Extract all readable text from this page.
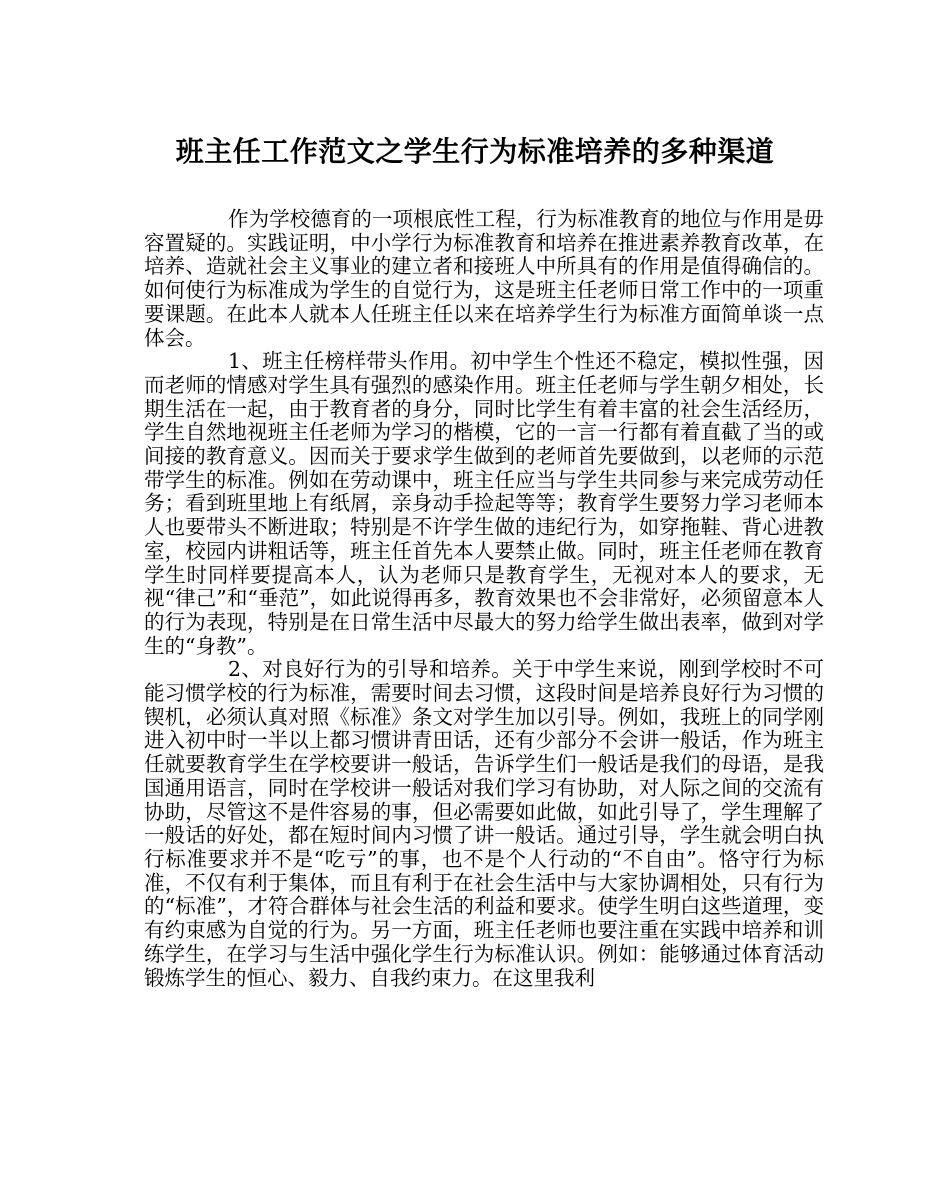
班主任工作范文之学生行为标准培养的多种渠道

作为学校德育的一项根底性工程，行为标准教育的地位与作用是毋容置疑的。实践证明，中小学行为标准教育和培养在推进素养教育改革，在培养、造就社会主义事业的建立者和接班人中所具有的作用是值得确信的。如何使行为标准成为学生的自觉行为，这是班主任老师日常工作中的一项重要课题。在此本人就本人任班主任以来在培养学生行为标准方面简单谈一点体会。

1、班主任榜样带头作用。初中学生个性还不稳定，模拟性强，因而老师的情感对学生具有强烈的感染作用。班主任老师与学生朝夕相处，长期生活在一起，由于教育者的身分，同时比学生有着丰富的社会生活经历，学生自然地视班主任老师为学习的楷模，它的一言一行都有着直截了当的或间接的教育意义。因而关于要求学生做到的老师首先要做到，以老师的示范带学生的标准。例如在劳动课中，班主任应当与学生共同参与来完成劳动任务；看到班里地上有纸屑，亲身动手捡起等等；教育学生要努力学习老师本人也要带头不断进取；特别是不许学生做的违纪行为，如穿拖鞋、背心进教室，校园内讲粗话等，班主任首先本人要禁止做。同时，班主任老师在教育学生时同样要提高本人，认为老师只是教育学生，无视对本人的要求，无视“律己”和“垂范”，如此说得再多，教育效果也不会非常好，必须留意本人的行为表现，特别是在日常生活中尽最大的努力给学生做出表率，做到对学生的“身教”。

2、对良好行为的引导和培养。关于中学生来说，刚到学校时不可能习惯学校的行为标准，需要时间去习惯，这段时间是培养良好行为习惯的锲机，必须认真对照《标准》条文对学生加以引导。例如，我班上的同学刚进入初中时一半以上都习惯讲青田话，还有少部分不会讲一般话，作为班主任就要教育学生在学校要讲一般话，告诉学生们一般话是我们的母语，是我国通用语言，同时在学校讲一般话对我们学习有协助，对人际之间的交流有协助，尽管这不是件容易的事，但必需要如此做，如此引导了，学生理解了一般话的好处，都在短时间内习惯了讲一般话。通过引导，学生就会明白执行标准要求并不是“吃亏”的事，也不是个人行动的“不自由”。恪守行为标准，不仅有利于集体，而且有利于在社会生活中与大家协调相处，只有行为的“标准”，才符合群体与社会生活的利益和要求。使学生明白这些道理，变有约束感为自觉的行为。另一方面，班主任老师也要注重在实践中培养和训练学生，在学习与生活中强化学生行为标准认识。例如：能够通过体育活动锻炼学生的恒心、毅力、自我约束力。在这里我利
